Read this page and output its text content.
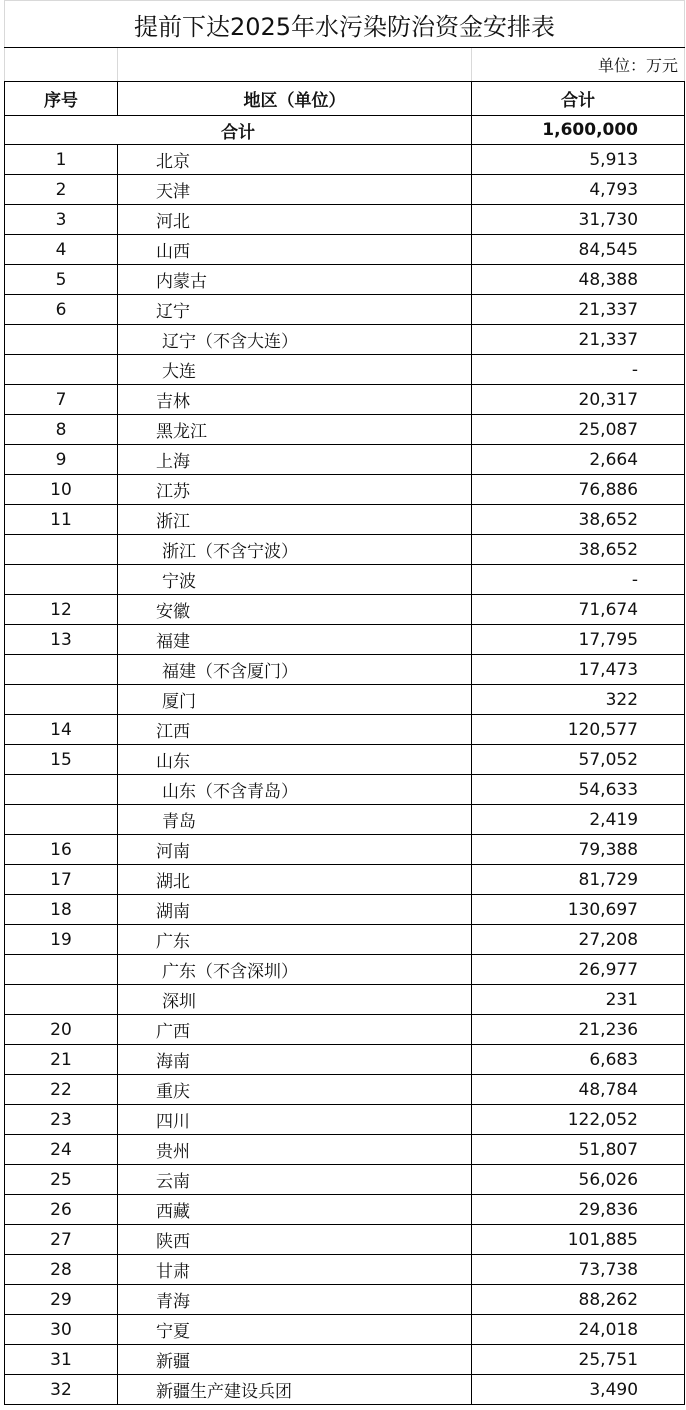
提前下达2025年水污染防治资金安排表		
		单位：万元
序号	地区（单位）	合计
合计		1,600,000
1	北京	5,913
2	天津	4,793
3	河北	31,730
4	山西	84,545
5	内蒙古	48,388
6	辽宁	21,337
	辽宁（不含大连）	21,337
	大连	-
7	吉林	20,317
8	黑龙江	25,087
9	上海	2,664
10	江苏	76,886
11	浙江	38,652
	浙江（不含宁波）	38,652
	宁波	-
12	安徽	71,674
13	福建	17,795
	福建（不含厦门）	17,473
	厦门	322
14	江西	120,577
15	山东	57,052
	山东（不含青岛）	54,633
	青岛	2,419
16	河南	79,388
17	湖北	81,729
18	湖南	130,697
19	广东	27,208
	广东（不含深圳）	26,977
	深圳	231
20	广西	21,236
21	海南	6,683
22	重庆	48,784
23	四川	122,052
24	贵州	51,807
25	云南	56,026
26	西藏	29,836
27	陕西	101,885
28	甘肃	73,738
29	青海	88,262
30	宁夏	24,018
31	新疆	25,751
32	新疆生产建设兵团	3,490
